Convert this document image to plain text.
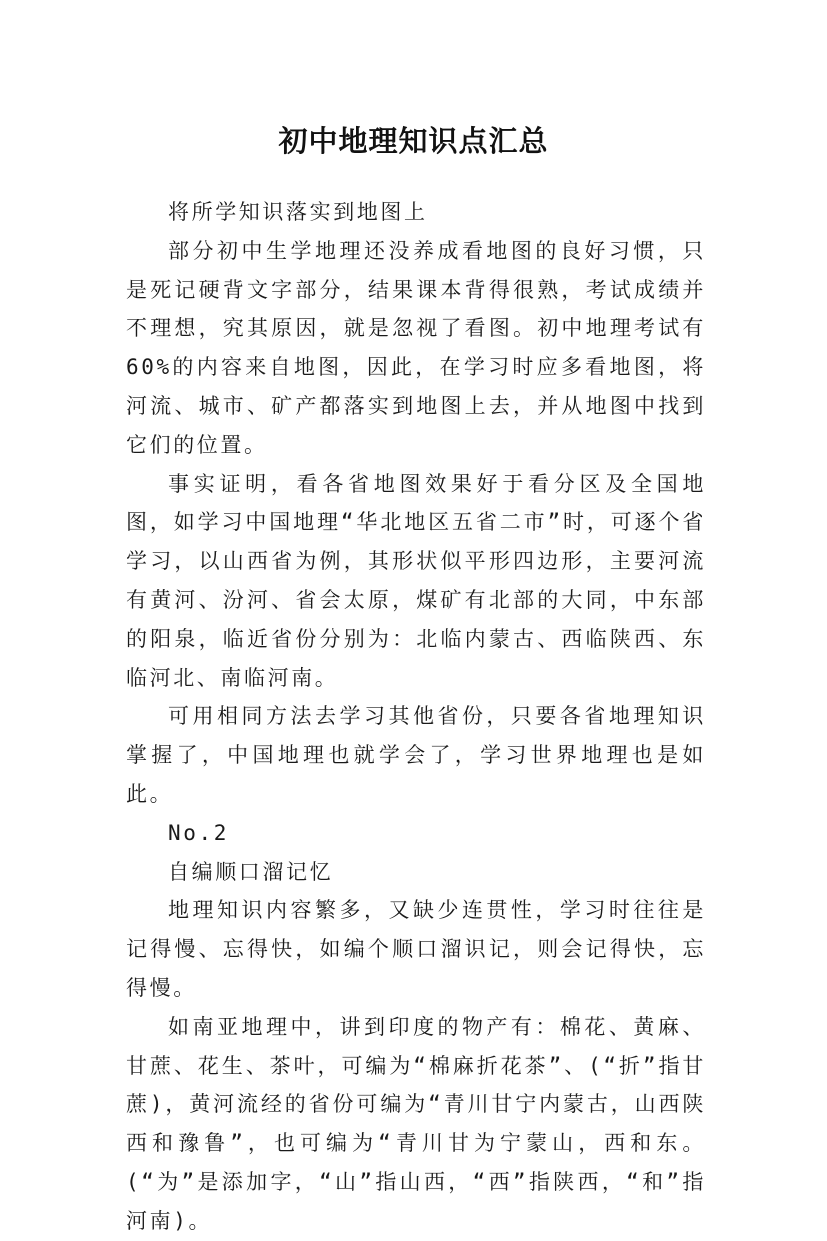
初中地理知识点汇总

将所学知识落实到地图上

部分初中生学地理还没养成看地图的良好习惯，只是死记硬背文字部分，结果课本背得很熟，考试成绩并不理想，究其原因，就是忽视了看图。初中地理考试有60%的内容来自地图，因此，在学习时应多看地图，将河流、城市、矿产都落实到地图上去，并从地图中找到它们的位置。

事实证明，看各省地图效果好于看分区及全国地图，如学习中国地理“华北地区五省二市”时，可逐个省学习，以山西省为例，其形状似平形四边形，主要河流有黄河、汾河、省会太原，煤矿有北部的大同，中东部的阳泉，临近省份分别为：北临内蒙古、西临陕西、东临河北、南临河南。

可用相同方法去学习其他省份，只要各省地理知识掌握了，中国地理也就学会了，学习世界地理也是如此。

No.2

自编顺口溜记忆

地理知识内容繁多，又缺少连贯性，学习时往往是记得慢、忘得快，如编个顺口溜识记，则会记得快，忘得慢。

如南亚地理中，讲到印度的物产有：棉花、黄麻、甘蔗、花生、茶叶，可编为“棉麻折花茶”、(“折”指甘蔗)，黄河流经的省份可编为“青川甘宁内蒙古，山西陕西和豫鲁”，也可编为“青川甘为宁蒙山，西和东。(“为”是添加字，“山”指山西，“西”指陕西，“和”指河南)。
